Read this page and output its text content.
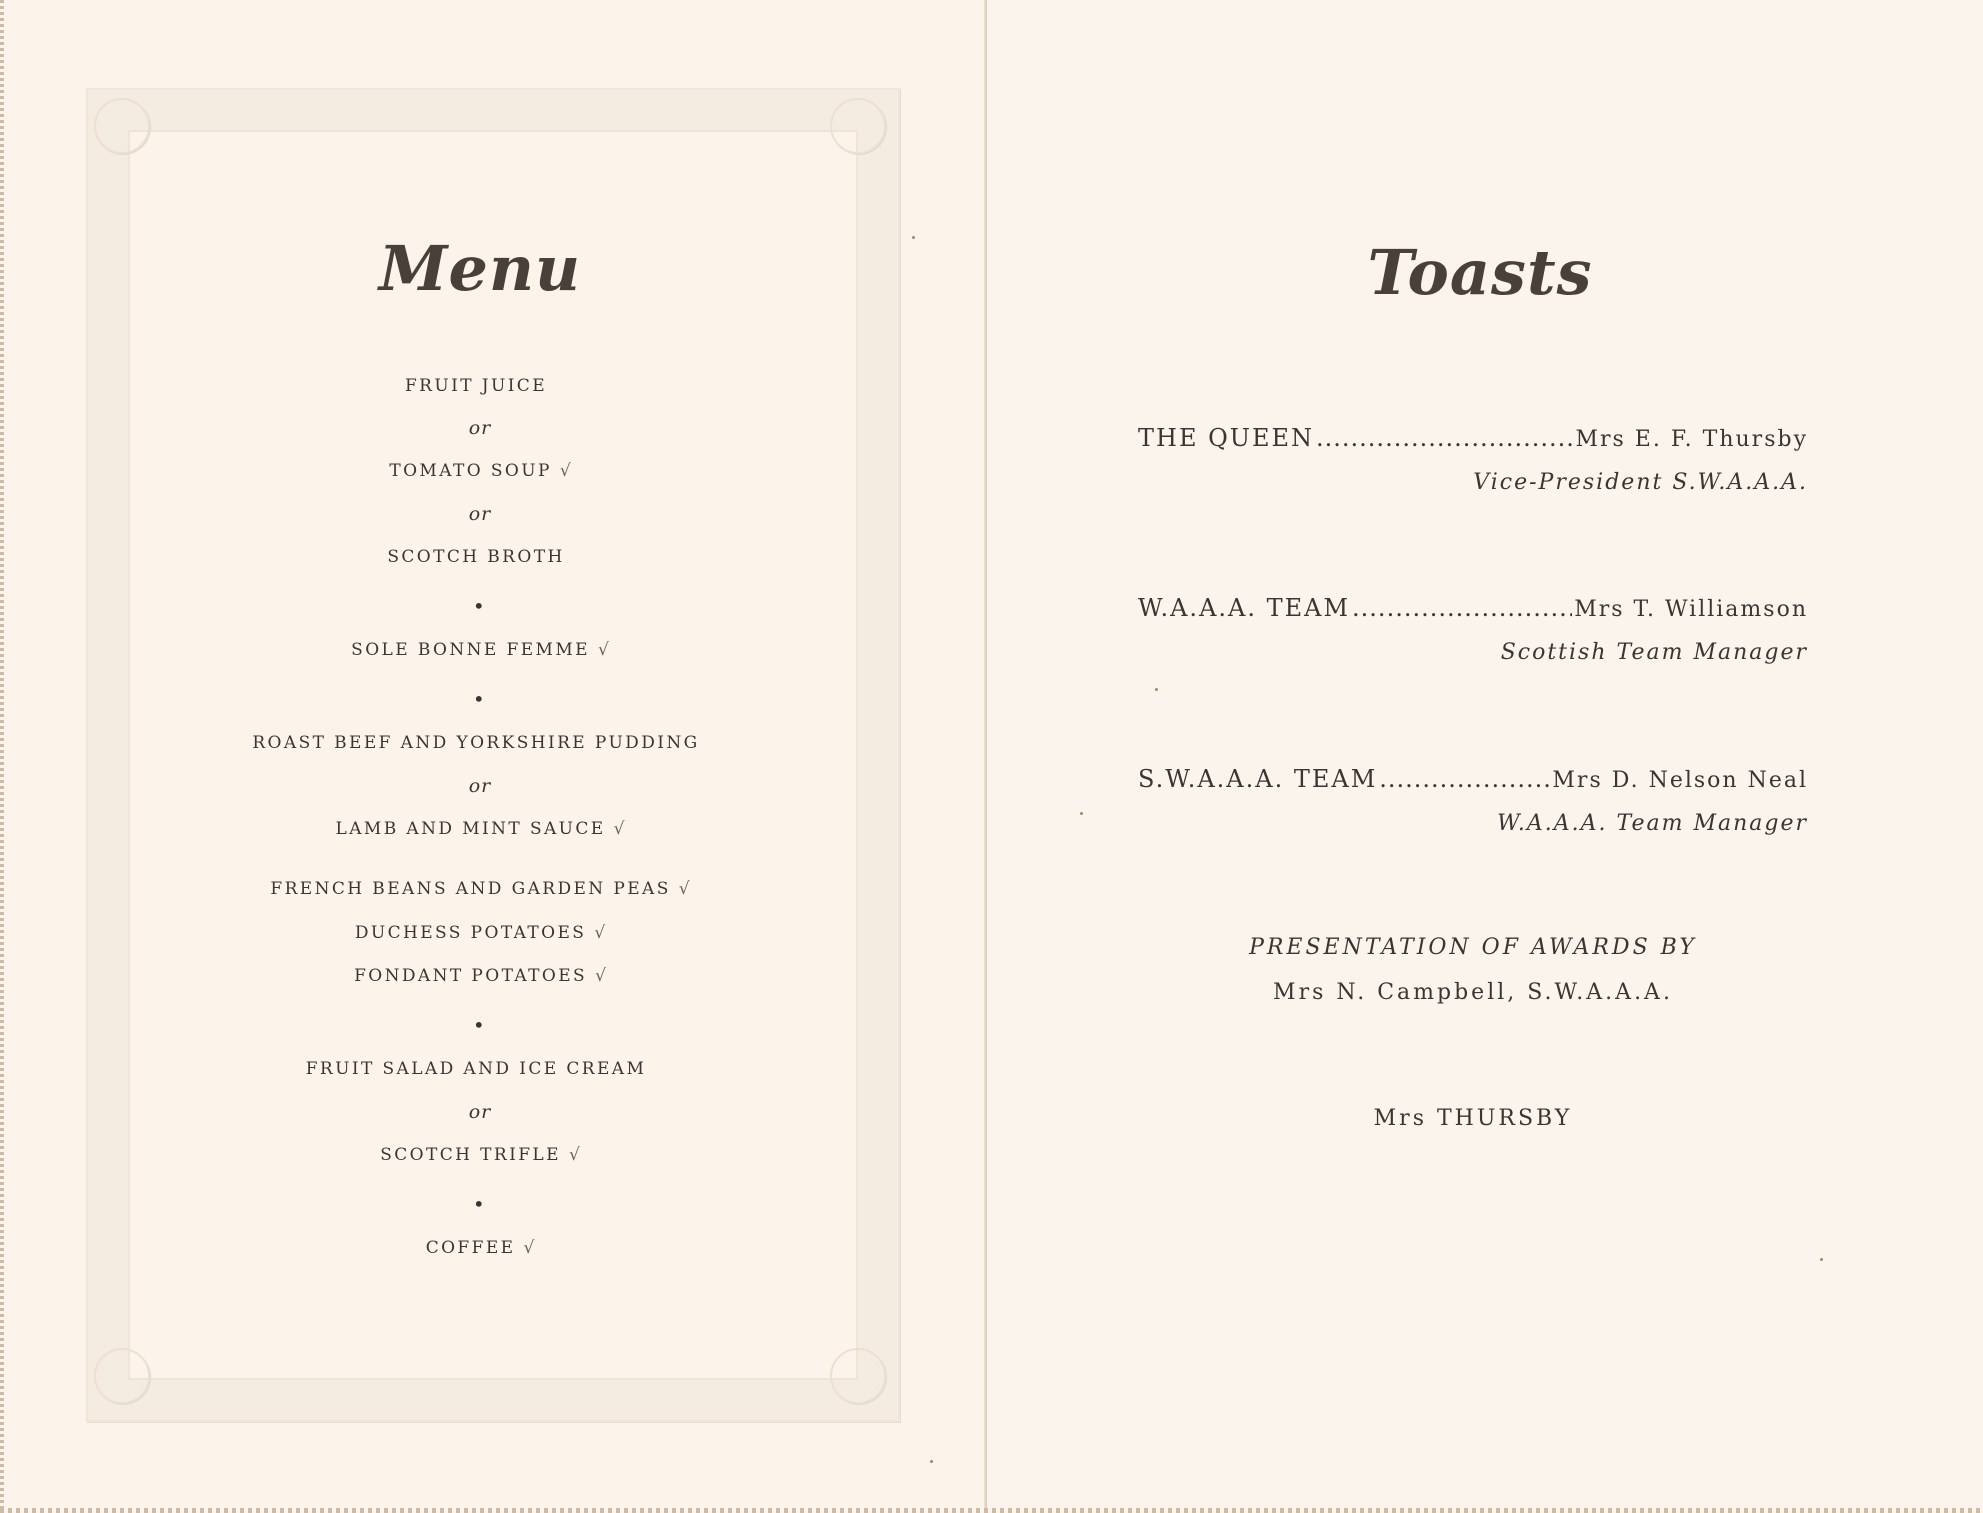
Menu
FRUIT JUICE
or
TOMATO SOUP √
or
SCOTCH BROTH
•
SOLE BONNE FEMME √
•
ROAST BEEF AND YORKSHIRE PUDDING
or
LAMB AND MINT SAUCE √
FRENCH BEANS AND GARDEN PEAS √
DUCHESS POTATOES √
FONDANT POTATOES √
•
FRUIT SALAD AND ICE CREAM
or
SCOTCH TRIFLE √
•
COFFEE √
Toasts
THE QUEEN .....	Mrs E. F. Thursby
Vice-President S.W.A.A.A.
W.A.A.A. TEAM .....	Mrs T. Williamson
Scottish Team Manager
S.W.A.A.A. TEAM .....	Mrs D. Nelson Neal
W.A.A.A. Team Manager
PRESENTATION OF AWARDS BY
Mrs N. Campbell, S.W.A.A.A.
Mrs THURSBY
